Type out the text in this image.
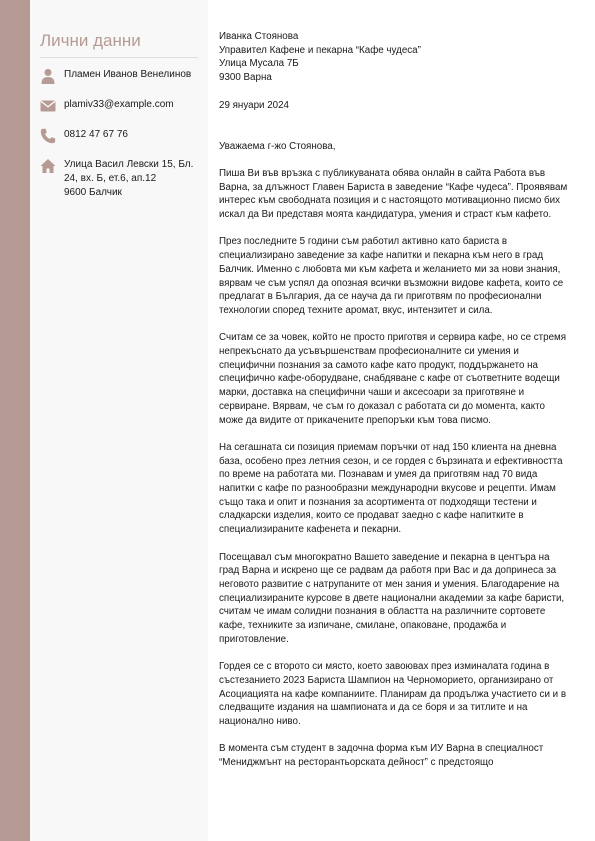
Лични данни
Пламен Иванов Венелинов
plamiv33@example.com
0812 47 67 76
Улица Васил Левски 15, Бл.
24, вх. Б, ет.6, ап.12
9600 Балчик
Иванка Стоянова
Управител Кафене и пекарна “Кафе чудеса”
Улица Мусала 7Б
9300 Варна
29 януари 2024

Уважаема г-жо Стоянова,

Пиша Ви във връзка с публикуваната обява онлайн в сайта Работа във Варна, за длъжност Главен Бариста в заведение “Кафе чудеса”. Проявявам интерес към свободната позиция и с настоящото мотивационно писмо бих искал да Ви представя моята кандидатура, умения и страст към кафето.

През последните 5 години съм работил активно като бариста в специализирано заведение за кафе напитки и пекарна към него в град Балчик. Именно с любовта ми към кафета и желанието ми за нови знания, вярвам че съм успял да опозная всички възможни видове кафета, които се предлагат в България, да се науча да ги приготвям по професионални технологии според техните аромат, вкус, интензитет и сила.

Считам се за човек, който не просто приготвя и сервира кафе, но се стремя непрекъснато да усъвършенствам професионалните си умения и специфични познания за самото кафе като продукт, поддържането на специфично кафе-оборудване, снабдяване с кафе от съответните водещи марки, доставка на специфични чаши и аксесоари за приготвяне и сервиране. Вярвам, че съм го доказал с работата си до момента, както може да видите от прикачените препоръки към това писмо.

На сегашната си позиция приемам поръчки от над 150 клиента на дневна база, особено през летния сезон, и се гордея с бързината и ефективността по време на работата ми. Познавам и умея да приготвям над 70 вида напитки с кафе по разнообразни международни вкусове и рецепти. Имам също така и опит и познания за асортимента от подходящи тестени и сладкарски изделия, които се продават заедно с кафе напитките в специализираните кафенета и пекарни.

Посещавал съм многократно Вашето заведение и пекарна в центъра на град Варна и искрено ще се радвам да работя при Вас и да допринеса за неговото развитие с натрупаните от мен зания и умения. Благодарение на специализираните курсове в двете национални академии за кафе баристи, считам че имам солидни познания в областта на различните сортовете кафе, техниките за изпичане, смилане, опаковане, продажба и приготовление.

Гордея се с второто си място, което завоювах през изминалата година в състезанието 2023 Бариста Шампион на Черноморието, организирано от Асоциацията на кафе компаниите. Планирам да продължа участието си и в следващите издания на шампионата и да се боря и за титлите и на национално ниво.

В момента съм студент в задочна форма към ИУ Варна в специалност “Мениджмънт на ресторантьорската дейност” с предстоящо
